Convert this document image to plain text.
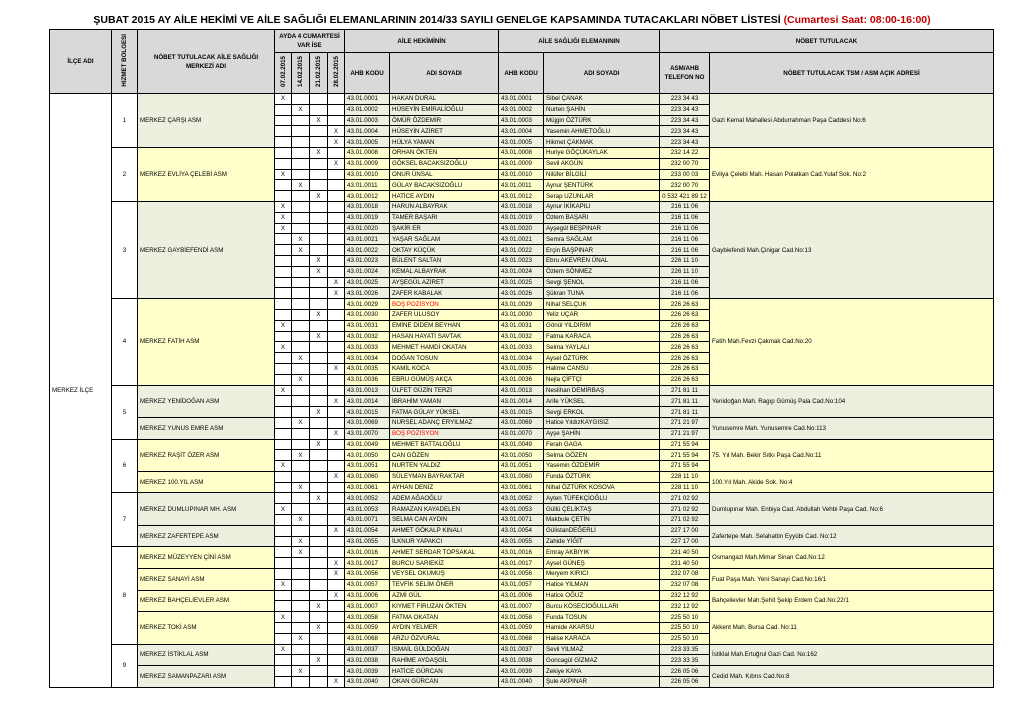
ŞUBAT 2015 AY AİLE HEKİMİ VE AİLE SAĞLIĞI ELEMANLARININ 2014/33 SAYILI GENELGE KAPSAMINDA TUTACAKLARI NÖBET LİSTESİ (Cumartesi Saat: 08:00-16:00)
İLÇE ADI	HİZMET BÖLGESİ	NÖBET TUTULACAK AİLE SAĞLIĞI MERKEZİ ADI	AYDA 4 CUMARTESİ VAR İSE				AİLE HEKİMİNİN		AİLE SAĞLIĞI ELEMANININ		NÖBET TUTULACAK	
			07.02.2015	14.02.2015	21.02.2015	28.02.2015	AHB KODU	ADI SOYADI	AHB KODU	ADI SOYADI	ASM/AHB TELEFON NO	NÖBET TUTULACAK TSM / ASM AÇIK ADRESİ

MERKEZ İLÇE	1	MERKEZ ÇARŞI ASM	X				43.01.0001	HAKAN DURAL	43.01.0001	Sibel ÇANAK	223 34 43	Gazi Kemal Mahallesi Abdurrahman Paşa Caddesi No:6
				X			43.01.0002	HÜSEYİN EMİRALİOĞLU	43.01.0002	Nurten ŞAHİN	223 34 43	
					X		43.01.0003	ÖMÜR ÖZDEMİR	43.01.0003	Müjgin ÖZTÜRK	223 34 43	
						X	43.01.0004	HÜSEYİN AZİRET	43.01.0004	Yasemin AHMETOĞLU	223 34 43	
						X	43.01.0005	HÜLYA YAMAN	43.01.0005	Hikmet ÇAKMAK	223 34 43	
	2	MERKEZ EVLİYA ÇELEBİ ASM			X		43.01.0008	ORHAN ÖKTEN	43.01.0008	Huriye GÖÇÜKAYLAK	232 14 22	Evliya Çelebi Mah. Hasan Polatkan Cad.Yulaf Sok. No:2
						X	43.01.0009	GÖKSEL BACAKSIZOĞLU	43.01.0009	Sevil AKGÜN	232 00 70	
			X				43.01.0010	ONUR ÜNSAL	43.01.0010	Nilüfer BİLGİLİ	233 00 03	
				X			43.01.0011	GÜLAY BACAKSIZOĞLU	43.01.0011	Aynur ŞENTÜRK	232 00 70	
					X		43.01.0012	HATİCE AYDIN	43.01.0012	Serap UZUNLAR	0 532 421 89 12	
	3	MERKEZ GAYBİEFENDİ ASM	X				43.01.0018	HARUN ALBAYRAK	43.01.0018	Aynur İKİKAPILI	216 11 06	Gaybiefendi Mah.Çinigar Cad.No:13
			X				43.01.0019	TAMER BAŞARI	43.01.0019	Özlem BAŞARI	216 11 06	
			X				43.01.0020	ŞAKİR ER	43.01.0020	Ayşegül BEŞPINAR	216 11 06	
				X			43.01.0021	YAŞAR SAĞLAM	43.01.0021	Semra SAĞLAM	216 11 06	
				X			43.01.0022	OKTAY KÜÇÜK	43.01.0022	Erçin BAŞPINAR	216 11 06	
					X		43.01.0023	BÜLENT SALTAN	43.01.0023	Ebru AKEVREN ÜNAL	226 11 10	
					X		43.01.0024	KEMAL ALBAYRAK	43.01.0024	Özlem SÖNMEZ	226 11 10	
						X	43.01.0025	AYŞEGÜL AZİRET	43.01.0025	Sevgi ŞENOL	216 11 06	
						X	43.01.0026	ZAFER KABALAK	43.01.0026	Şükran TUNA	216 11 06	
	4	MERKEZ FATİH ASM					43.01.0029	BOŞ POZİSYON	43.01.0029	Nihal SELÇUK	226 26 63	Fatih Mah.Fevzi Çakmak Cad.No:20
					X		43.01.0030	ZAFER ULUSOY	43.01.0030	Yeliz UÇAR	226 26 63	
			X				43.01.0031	EMİNE DİDEM BEYHAN	43.01.0031	Gönül YILDIRIM	226 26 63	
					X		43.01.0032	HASAN HAYATİ SAVTAK	43.01.0032	Fatma KARACA	226 26 63	
			X				43.01.0033	MEHMET HAMDİ OKATAN	43.01.0033	Selma YAYLALI	226 26 63	
				X			43.01.0034	DOĞAN TOSUN	43.01.0034	Aysel ÖZTÜRK	226 26 63	
						X	43.01.0035	KAMİL KOCA	43.01.0035	Halime CANSU	226 26 63	
				X			43.01.0036	EBRU GÜMÜŞ AKÇA	43.01.0036	Nejla ÇİFTÇİ	226 26 63	
	5	MERKEZ YENİDOĞAN ASM	X				43.01.0013	ÜLFET GÜZİN TERZİ	43.01.0013	Neslihan DEMİRBAŞ	271 81 11	Yenidoğan Mah. Ragıp Gümüş Pala Cad.No:104
						X	43.01.0014	İBRAHİM YAMAN	43.01.0014	Arife YÜKSEL	271 81 11	
					X		43.01.0015	FATMA GÜLAY YÜKSEL	43.01.0015	Sevgi ERKOL	271 81 11	
		MERKEZ YUNUS EMRE ASM		X			43.01.0069	NURSEL ADANÇ ERYILMAZ	43.01.0069	Hatice YıldızKAYGISIZ	271 21 97	Yunusemre Mah. Yunusemre Cad.No:113
						X	43.01.0070	BOŞ POZİSYON	43.01.0070	Ayşe ŞAHİN	271 21 97	
	6	MERKEZ RAŞİT ÖZER ASM			X		43.01.0049	MEHMET BATTALOĞLU	43.01.0049	Ferah GAGA	271 55 94	75. Yıl Mah. Bekir Sıtkı Paşa Cad.No:11
				X			43.01.0050	CAN GÖZEN	43.01.0050	Selma GÖZEN	271 55 94	
			X				43.01.0051	NURTEN YALDIZ	43.01.0051	Yasemin ÖZDEMİR	271 55 94	
		MERKEZ 100.YIL ASM				X	43.01.0060	SÜLEYMAN BAYRAKTAR	43.01.0060	Funda ÖZTÜRK	228 11 10	100.Yıl Mah. Akide Sok. No:4
				X			43.01.0061	AYHAN DENİZ	43.01.0061	Nihal ÖZTÜRK KOSOVA	228 11 10	
	7	MERKEZ DUMLUPINAR MH. ASM			X		43.01.0052	ADEM AĞAOĞLU	43.01.0052	Ayten TÜFEKÇİOĞLU	271 02 92	Dumlupınar Mah. Enbiya Cad. Abdullah Vehbi Paşa Cad. No:6
			X				43.01.0053	RAMAZAN KAYADELEN	43.01.0053	Güllü ÇELİKTAŞ	271 02 92	
				X			43.01.0071	SELMA CAN AYDIN	43.01.0071	Makbule ÇETİN	271 02 92	
		MERKEZ ZAFERTEPE ASM				X	43.01.0054	AHMET GÖKALP KINALI	43.01.0054	GülistanDEĞERLİ	227 17 00	Zafertepe Mah. Selahattin Eyyübi Cad. No:12
				X			43.01.0055	İLKNUR YAPAKCI	43.01.0055	Zahide YİĞİT	227 17 00	
	8	MERKEZ MÜZEYYEN ÇİNİ ASM		X			43.01.0016	AHMET SERDAR TOPSAKAL	43.01.0016	Emray AKBIYIK	231 40 50	Osmangazi Mah.Mimar Sinan Cad.No:12
						X	43.01.0017	BURCU SARIEKİZ	43.01.0017	Aysel GÜNEŞ	231 40 50	
		MERKEZ SANAYİ ASM				X	43.01.0056	VEYSEL OKUMUŞ	43.01.0056	Meryem KIRICI	232 07 08	Fuat Paşa Mah. Yeni Sanayi Cad.No:16/1
			X				43.01.0057	TEVFİK SELİM ÖNER	43.01.0057	Hatice YILMAN	232 07 08	
		MERKEZ BAHÇELİEVLER ASM				X	43.01.0006	AZMİ GÜL	43.01.0006	Hatice OĞUZ	232 12 92	Bahçelievler Mah.Şehit Şekip Erdem Cad.No:22/1
					X		43.01.0007	KIYMET FİRUZAN ÖKTEN	43.01.0007	Burcu KÖSECİOĞULLARI	232 12 92	
		MERKEZ TOKİ ASM	X				43.01.0058	FATMA OKATAN	43.01.0058	Funda TOSUN	225 50 10	Akkent Mah. Bursa Cad. No:11
					X		43.01.0059	AYDIN YELMER	43.01.0059	Hamide AKARSU	225 50 10	
				X			43.01.0068	ARZU ÖZVURAL	43.01.0068	Halise KARACA	225 50 10	
	9	MERKEZ İSTİKLAL ASM	X				43.01.0037	İSMAİL GÜLDOĞAN	43.01.0037	Sevil YILMAZ	223 33 35	İstiklal Mah.Ertuğrul Gazi Cad. No:162
					X		43.01.0038	RAHİME AYDAŞGİL	43.01.0038	Goncagül GİZMAZ	223 33 35	
		MERKEZ SAMANPAZARI ASM		X			43.01.0039	HATİCE GÜRCAN	43.01.0039	Zekiye KAYA	226 05 06	Cedid Mah. Kıbrıs Cad.No:8
						X	43.01.0040	OKAN GÜRCAN	43.01.0040	Şule AKPINAR	226 05 06	
